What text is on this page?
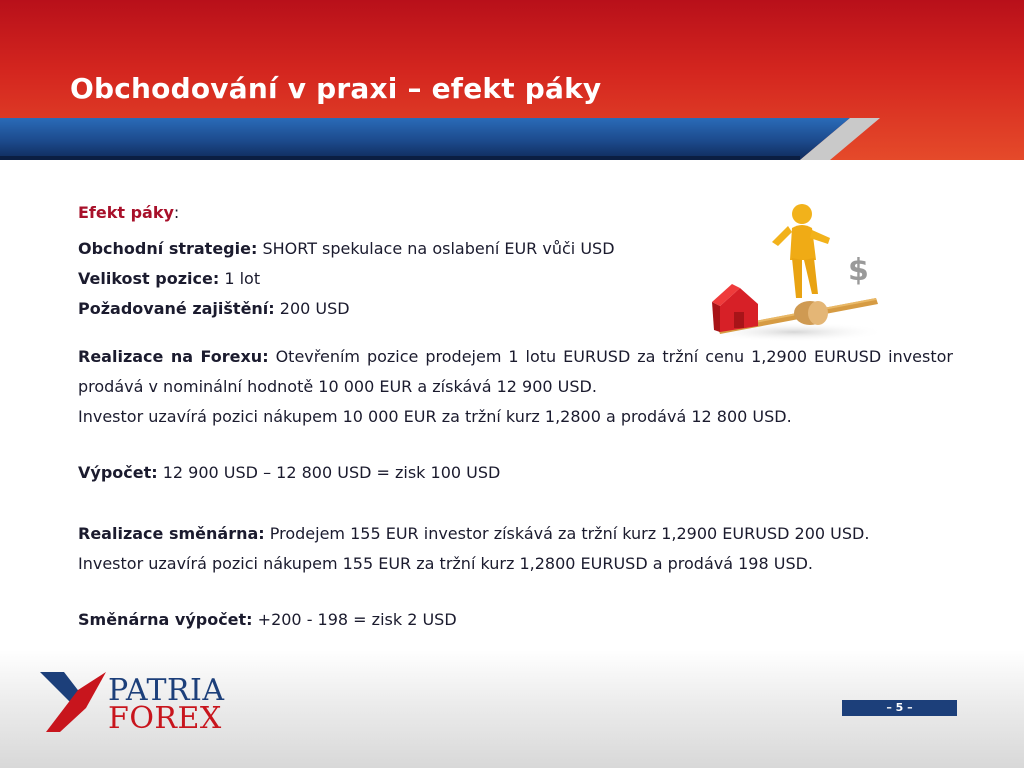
Obchodování v praxi – efekt páky
$
Efekt páky:
Obchodní strategie: SHORT spekulace na oslabení EUR vůči USD
Velikost pozice: 1 lot
Požadované zajištění: 200 USD
Realizace na Forexu: Otevřením pozice prodejem 1 lotu EURUSD za tržní cenu 1,2900 EURUSD investor prodává v nominální hodnotě 10 000 EUR a získává 12 900 USD.
Investor uzavírá pozici nákupem 10 000 EUR za tržní kurz 1,2800 a prodává 12 800 USD.
Výpočet: 12 900 USD – 12 800 USD = zisk 100 USD
Realizace směnárna: Prodejem 155 EUR investor získává za tržní kurz 1,2900 EURUSD 200 USD.
Investor uzavírá pozici nákupem 155 EUR za tržní kurz 1,2800 EURUSD a prodává 198 USD.
Směnárna výpočet: +200 - 198 = zisk 2 USD
PATRIA
FOREX	– 5 –
